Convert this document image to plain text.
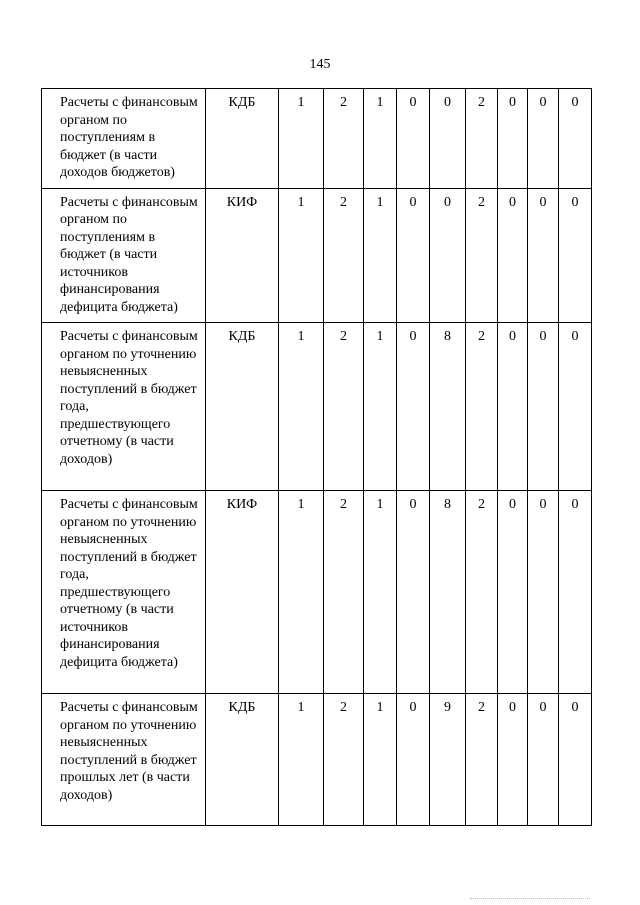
145
Расчеты с финансовым органом по поступлениям в бюджет (в части доходов бюджетов)	КДБ	1	2	1	0	0	2	0	0	0
Расчеты с финансовым органом по поступлениям в бюджет (в части источников финансирования дефицита бюджета)	КИФ	1	2	1	0	0	2	0	0	0
Расчеты с финансовым органом по уточнению невыясненных поступлений в бюджет года, предшествующего отчетному (в части доходов)	КДБ	1	2	1	0	8	2	0	0	0
Расчеты с финансовым органом по уточнению невыясненных поступлений в бюджет года, предшествующего отчетному (в части источников финансирования дефицита бюджета)	КИФ	1	2	1	0	8	2	0	0	0
Расчеты с финансовым органом по уточнению невыясненных поступлений в бюджет прошлых лет (в части доходов)	КДБ	1	2	1	0	9	2	0	0	0
